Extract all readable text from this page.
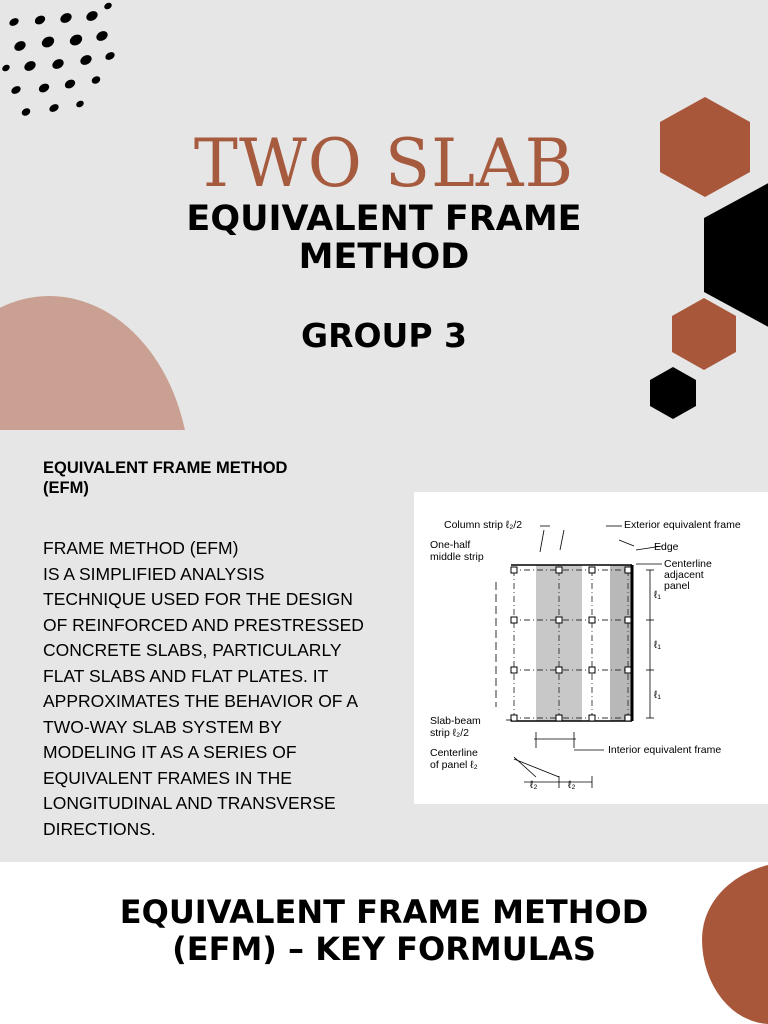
TWO SLAB
EQUIVALENT FRAME
METHOD
GROUP 3
EQUIVALENT FRAME METHOD
(EFM)
FRAME METHOD (EFM)
IS A SIMPLIFIED ANALYSIS
TECHNIQUE USED FOR THE DESIGN
OF REINFORCED AND PRESTRESSED
CONCRETE SLABS, PARTICULARLY
FLAT SLABS AND FLAT PLATES. IT
APPROXIMATES THE BEHAVIOR OF A
TWO-WAY SLAB SYSTEM BY
MODELING IT AS A SERIES OF
EQUIVALENT FRAMES IN THE
LONGITUDINAL AND TRANSVERSE
DIRECTIONS.
Column strip ℓ₂/2	Exterior equivalent frame
One-half
middle strip
Edge
Centerline
adjacent
panel
ℓ₁
ℓ₁
ℓ₁
Slab-beam
strip ℓ₂/2
Interior equivalent frame
Centerline
of panel ℓ₂
ℓ₂	ℓ₂
EQUIVALENT FRAME METHOD
(EFM) – KEY FORMULAS
